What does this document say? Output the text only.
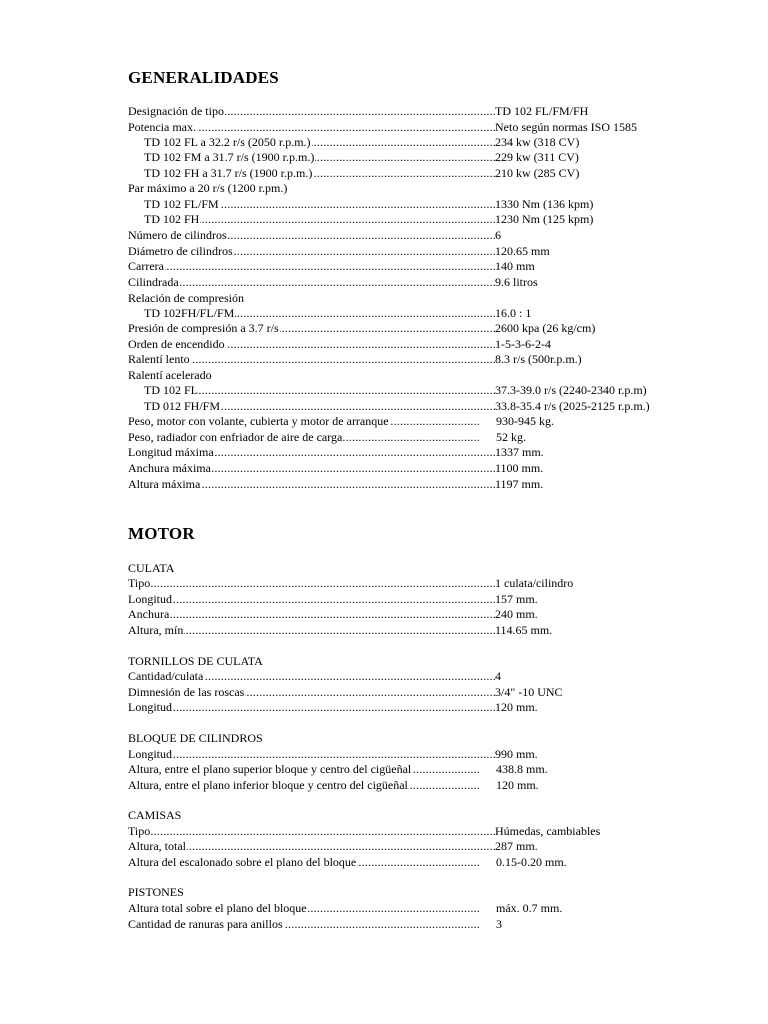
GENERALIDADES
Designación de tipo .....	TD 102 FL/FM/FH
Potencia max. .....	Neto según normas ISO 1585
TD 102 FL a 32.2 r/s (2050 r.p.m.) .....	234 kw (318 CV)
TD 102 FM a 31.7 r/s (1900 r.p.m.) .....	229 kw (311 CV)
TD 102 FH a 31.7 r/s (1900 r.p.m.) .....	210 kw (285 CV)
Par máximo a 20 r/s (1200 r.pm.)
TD 102 FL/FM .....	1330 Nm (136 kpm)
TD 102 FH .....	1230 Nm (125 kpm)
Número de cilindros .....	6
Diámetro de cilindros .....	120.65 mm
Carrera .....	140 mm
Cilindrada .....	9.6 litros
Relación de compresión
TD 102FH/FL/FM .....	16.0 : 1
Presión de compresión a 3.7 r/s .....	2600 kpa (26 kg/cm)
Orden de encendido .....	1-5-3-6-2-4
Ralentí lento .....	8.3 r/s (500r.p.m.)
Ralentí acelerado
TD 102 FL .....	37.3-39.0 r/s (2240-2340 r.p.m)
TD 012 FH/FM .....	33.8-35.4 r/s (2025-2125 r.p.m.)
Peso, motor con volante, cubierta y motor de arranque .....	930-945 kg.
Peso, radiador con enfriador de aire de carga .....	52 kg.
Longitud máxima .....	1337 mm.
Anchura máxima .....	1100 mm.
Altura máxima .....	1197 mm.
MOTOR
CULATA
Tipo .....	1 culata/cilindro
Longitud .....	157 mm.
Anchura .....	240 mm.
Altura, mín .....	114.65 mm.
TORNILLOS DE CULATA
Cantidad/culata .....	4
Dimnesión de las roscas .....	3/4" -10 UNC
Longitud .....	120 mm.
BLOQUE DE CILINDROS
Longitud .....	990 mm.
Altura, entre el plano superior bloque y centro del cigüeñal .....	438.8 mm.
Altura, entre el plano inferior bloque y centro del cigüeñal .....	120 mm.
CAMISAS
Tipo .....	Húmedas, cambiables
Altura, total .....	287 mm.
Altura del escalonado sobre el plano del bloque .....	0.15-0.20 mm.
PISTONES
Altura total sobre el plano del bloque .....	máx. 0.7 mm.
Cantidad de ranuras para anillos .....	3
